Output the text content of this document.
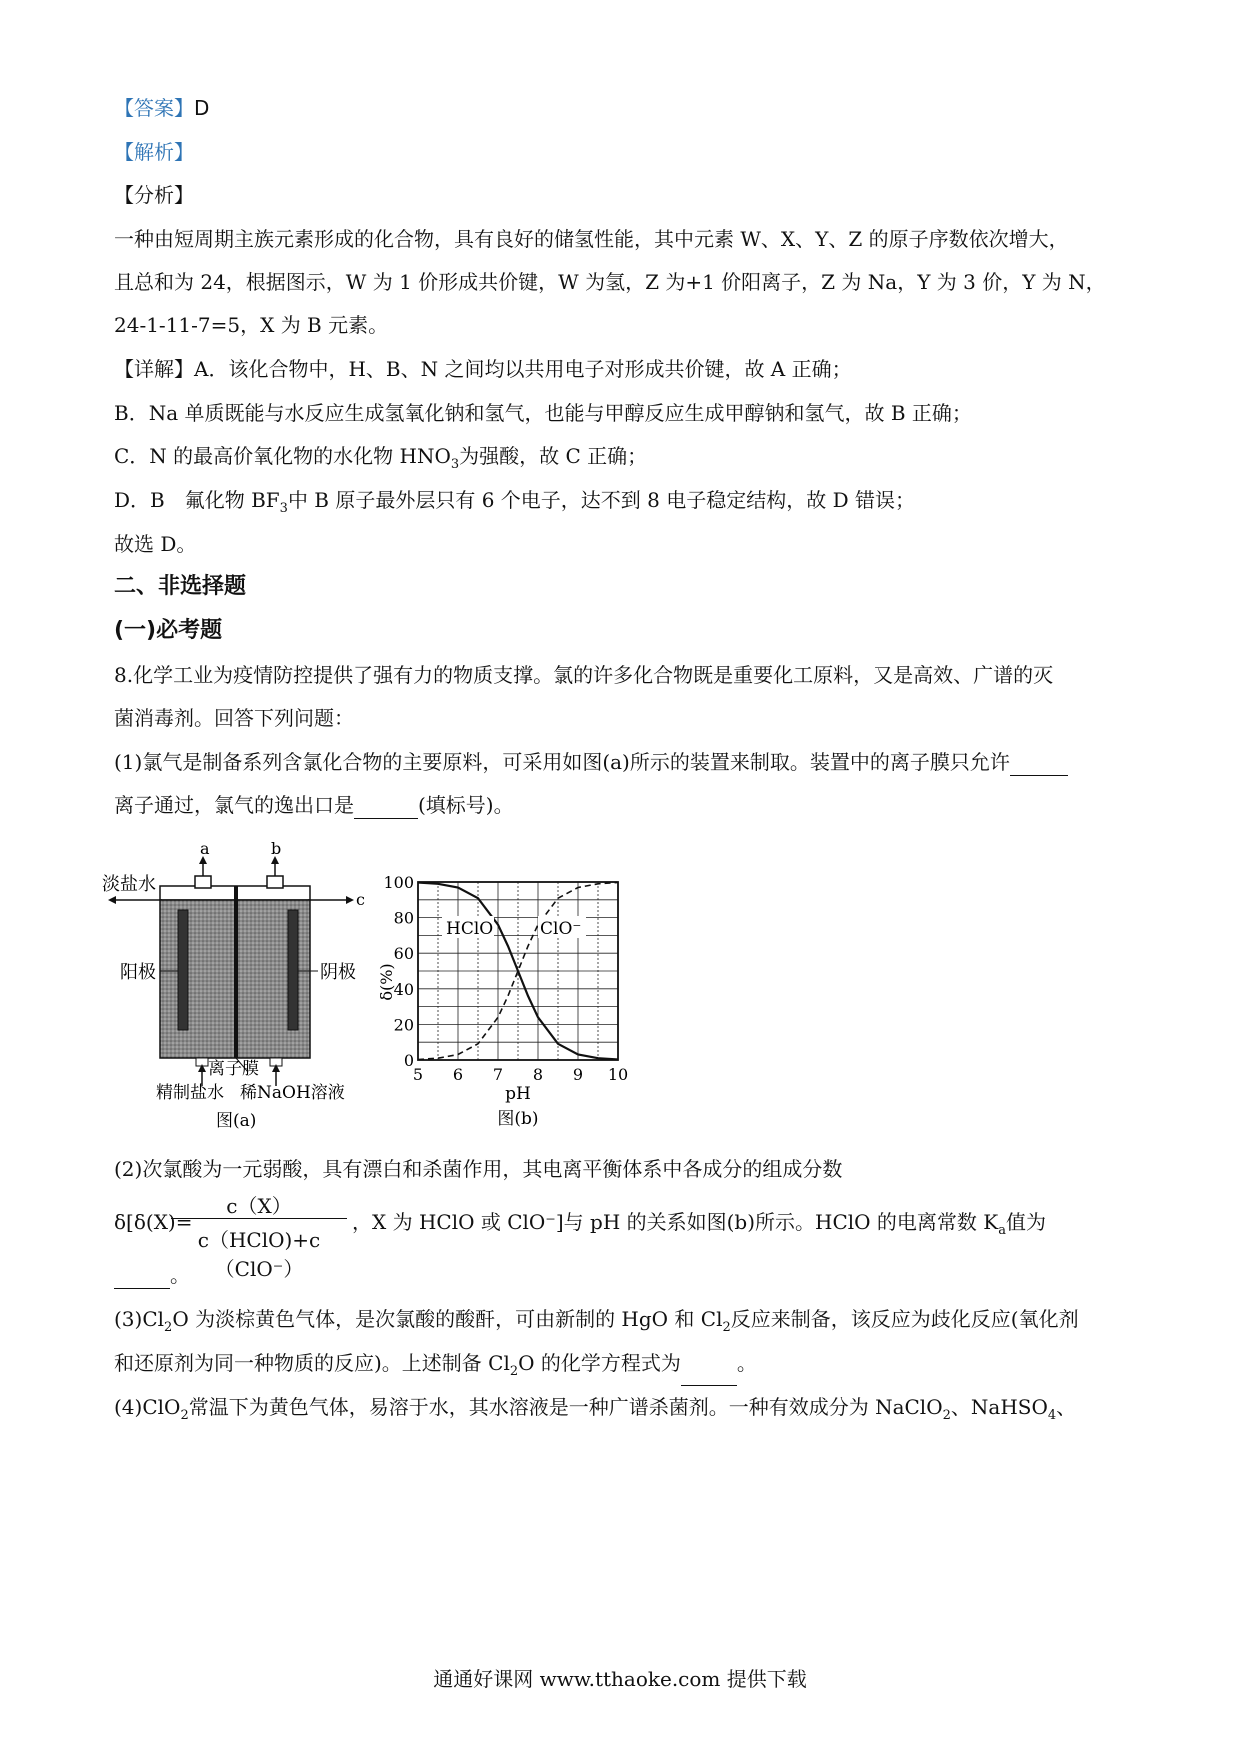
【答案】D
【解析】
【分析】
一种由短周期主族元素形成的化合物，具有良好的储氢性能，其中元素 W、X、Y、Z 的原子序数依次增大，
且总和为 24，根据图示，W 为 1 价形成共价键，W 为氢，Z 为+1 价阳离子，Z 为 Na，Y 为 3 价，Y 为 N，
24-1-11-7=5，X 为 B 元素。
【详解】A．该化合物中，H、B、N 之间均以共用电子对形成共价键，故 A 正确；
B．Na 单质既能与水反应生成氢氧化钠和氢气，也能与甲醇反应生成甲醇钠和氢气，故 B 正确；
C．N 的最高价氧化物的水化物 $HNO_3$为强酸，故 C 正确；
D．B　氟化物 $BF_3$中 B 原子最外层只有 6 个电子，达不到 8 电子稳定结构，故 D 错误；
故选 D。
二、非选择题
(一)必考题
8.化学工业为疫情防控提供了强有力的物质支撑。氯的许多化合物既是重要化工原料，又是高效、广谱的灭
菌消毒剂。回答下列问题：
(1)氯气是制备系列含氯化合物的主要原料，可采用如图(a)所示的装置来制取。装置中的离子膜只允许
离子通过，氯气的逸出口是	(填标号)。
a	b
c
淡盐水
阳极	阴极
离子膜
精制盐水 稀NaOH溶液
图(a)
5 6 7 8 9 10
0
20
40
60
80
100
HClO	ClO⁻
δ(%)
pH
图(b)
(2)次氯酸为一元弱酸，具有漂白和杀菌作用，其电离平衡体系中各成分的组成分数
δ[δ(X)=
c（X）
c（HClO)+c（ClO⁻）
，X 为 HClO 或 ClO⁻]与 pH 的关系如图(b)所示。HClO 的电离常数 $K_a$值为
。
$(3)Cl_2O$ 为淡棕黄色气体，是次氯酸的酸酐，可由新制的 HgO 和 $Cl_2$反应来制备，该反应为歧化反应(氧化剂
和还原剂为同一种物质的反应)。上述制备 $Cl_2O$ 的化学方程式为	。
(4)ClO$_2$常温下为黄色气体，易溶于水，其水溶液是一种广谱杀菌剂。一种有效成分为 NaClO$_2$、NaHSO$_4$、
通通好课网 www.tthaoke.com 提供下载
